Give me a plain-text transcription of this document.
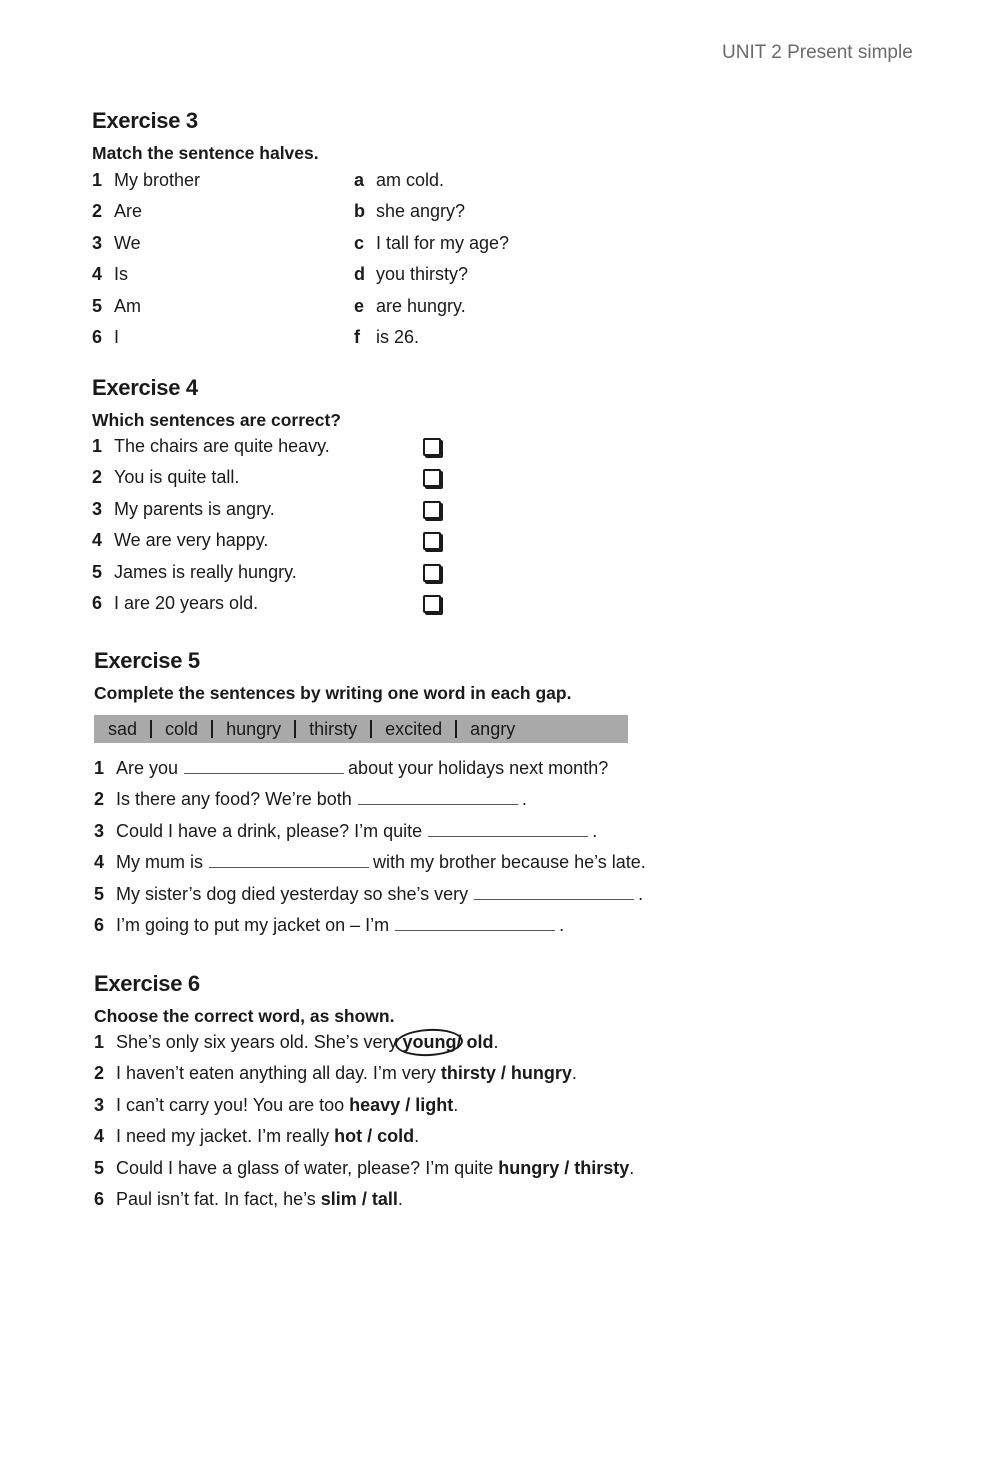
UNIT 2 Present simple
Exercise 3

Match the sentence halves.

1 My brother	a am cold.
2 Are	b she angry?
3 We	c I tall for my age?
4 Is	d you thirsty?
5 Am	e are hungry.
6 I	f is 26.
Exercise 4

Which sentences are correct?

1 The chairs are quite heavy.
2 You is quite tall.
3 My parents is angry.
4 We are very happy.
5 James is really hungry.
6 I are 20 years old.
Exercise 5

Complete the sentences by writing one word in each gap.

sad cold hungry thirsty excited angry
1 Are you	about your holidays next month?
2 Is there any food? We’re both	.
3 Could I have a drink, please? I’m quite	.
4 My mum is	with my brother because he’s late.
5 My sister’s dog died yesterday so she’s very	.
6 I’m going to put my jacket on – I’m	.
Exercise 6

Choose the correct word, as shown.

1 She’s only six years old. She’s very young/ old.
2 I haven’t eaten anything all day. I’m very thirsty / hungry.
3 I can’t carry you! You are too heavy / light.
4 I need my jacket. I’m really hot / cold.
5 Could I have a glass of water, please? I’m quite hungry / thirsty.
6 Paul isn’t fat. In fact, he’s slim / tall.
